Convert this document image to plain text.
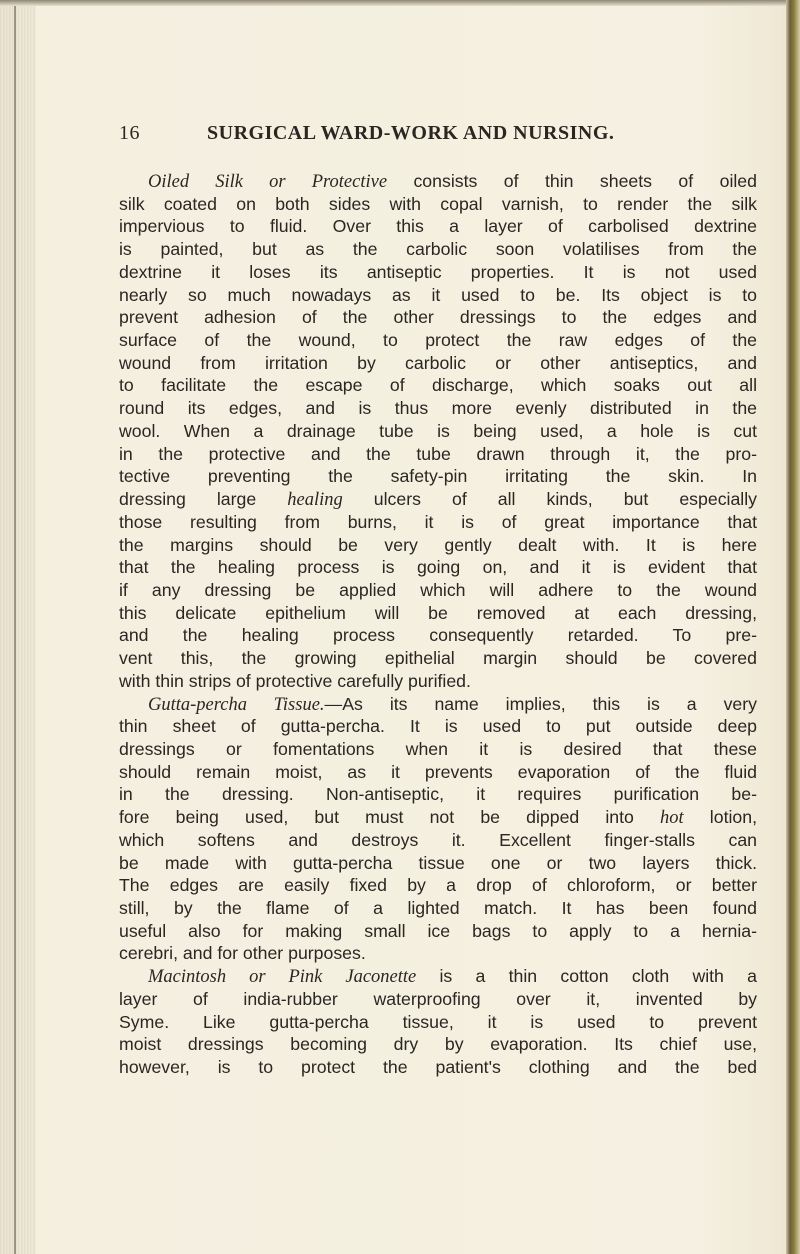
16	SURGICAL WARD-WORK AND NURSING.
Oiled Silk or Protective consists of thin sheets of oiled
silk coated on both sides with copal varnish, to render the silk
impervious to fluid. Over this a layer of carbolised dextrine
is painted, but as the carbolic soon volatilises from the
dextrine it loses its antiseptic properties. It is not used
nearly so much nowadays as it used to be. Its object is to
prevent adhesion of the other dressings to the edges and
surface of the wound, to protect the raw edges of the
wound from irritation by carbolic or other antiseptics, and
to facilitate the escape of discharge, which soaks out all
round its edges, and is thus more evenly distributed in the
wool. When a drainage tube is being used, a hole is cut
in the protective and the tube drawn through it, the pro-
tective preventing the safety-pin irritating the skin. In
dressing large healing ulcers of all kinds, but especially
those resulting from burns, it is of great importance that
the margins should be very gently dealt with. It is here
that the healing process is going on, and it is evident that
if any dressing be applied which will adhere to the wound
this delicate epithelium will be removed at each dressing,
and the healing process consequently retarded. To pre-
vent this, the growing epithelial margin should be covered
with thin strips of protective carefully purified.
Gutta-percha Tissue.—As its name implies, this is a very
thin sheet of gutta-percha. It is used to put outside deep
dressings or fomentations when it is desired that these
should remain moist, as it prevents evaporation of the fluid
in the dressing. Non-antiseptic, it requires purification be-
fore being used, but must not be dipped into hot lotion,
which softens and destroys it. Excellent finger-stalls can
be made with gutta-percha tissue one or two layers thick.
The edges are easily fixed by a drop of chloroform, or better
still, by the flame of a lighted match. It has been found
useful also for making small ice bags to apply to a hernia-
cerebri, and for other purposes.
Macintosh or Pink Jaconette is a thin cotton cloth with a
layer of india-rubber waterproofing over it, invented by
Syme. Like gutta-percha tissue, it is used to prevent
moist dressings becoming dry by evaporation. Its chief use,
however, is to protect the patient's clothing and the bed
